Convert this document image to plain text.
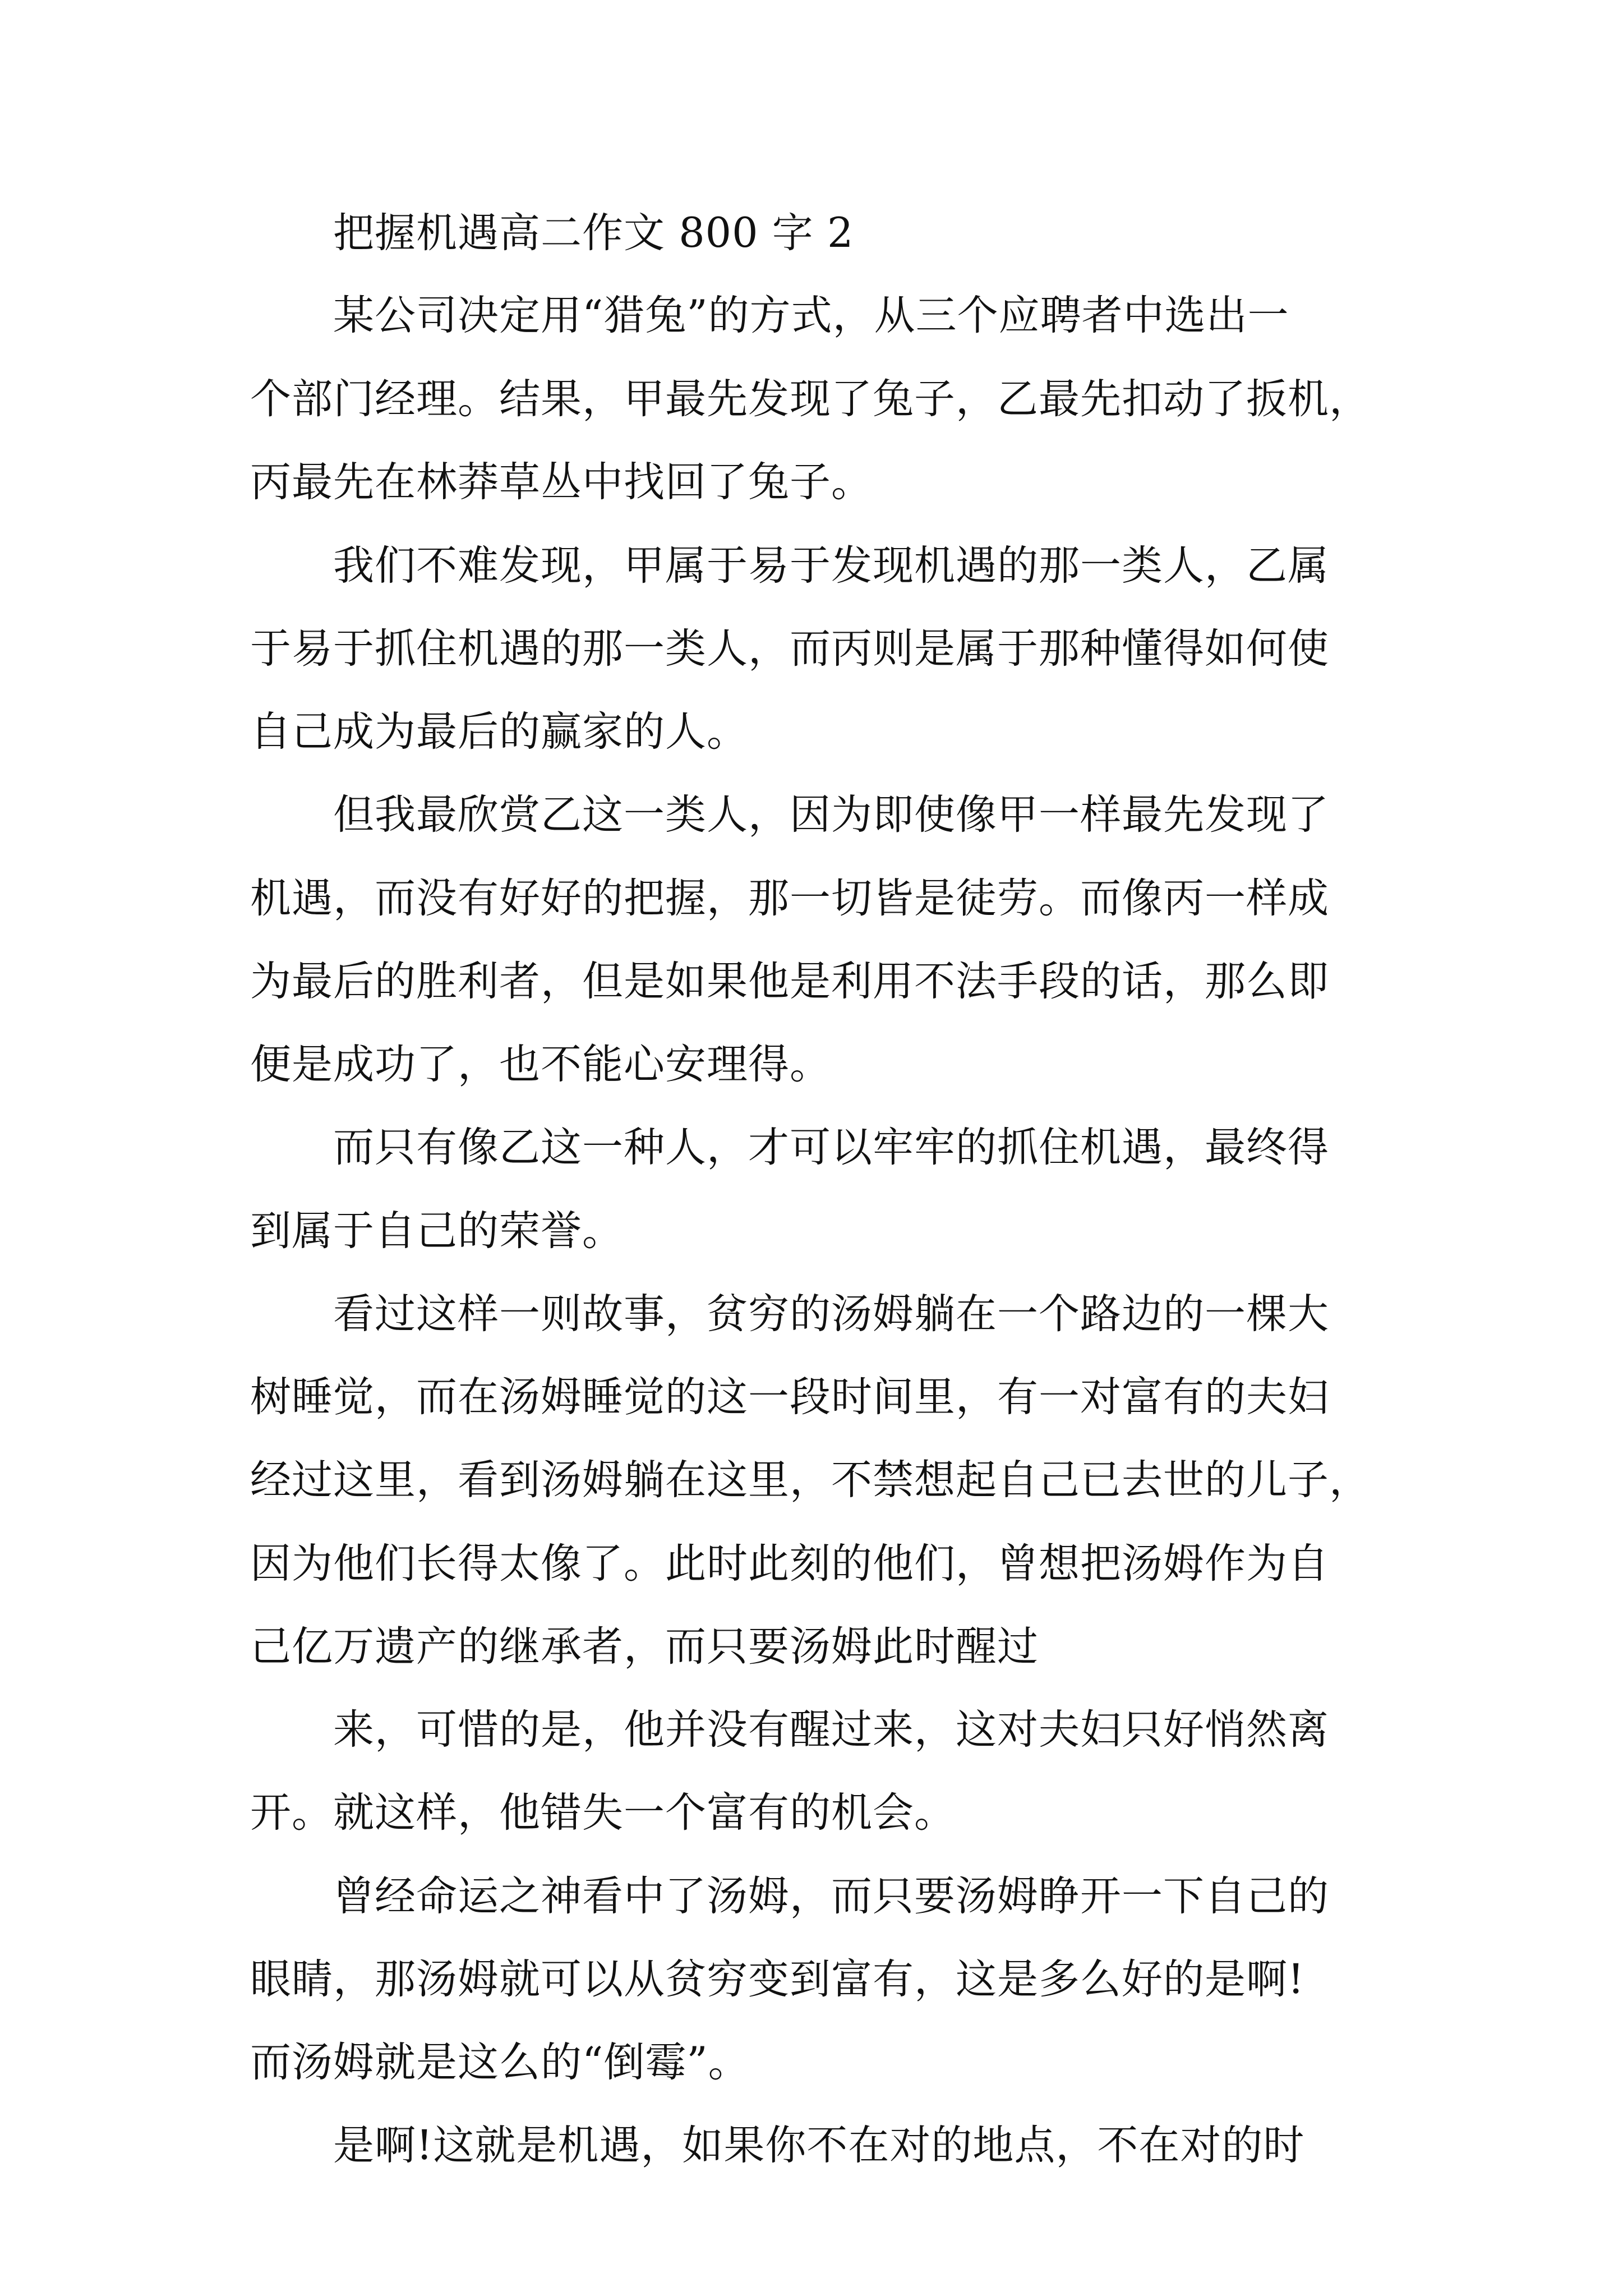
把握机遇高二作文 800 字 2
某公司决定用“猎兔”的方式，从三个应聘者中选出一
个部门经理。结果，甲最先发现了兔子，乙最先扣动了扳机，
丙最先在林莽草丛中找回了兔子。
我们不难发现，甲属于易于发现机遇的那一类人，乙属
于易于抓住机遇的那一类人，而丙则是属于那种懂得如何使
自己成为最后的赢家的人。
但我最欣赏乙这一类人，因为即使像甲一样最先发现了
机遇，而没有好好的把握，那一切皆是徒劳。而像丙一样成
为最后的胜利者，但是如果他是利用不法手段的话，那么即
便是成功了，也不能心安理得。
而只有像乙这一种人，才可以牢牢的抓住机遇，最终得
到属于自己的荣誉。
看过这样一则故事，贫穷的汤姆躺在一个路边的一棵大
树睡觉，而在汤姆睡觉的这一段时间里，有一对富有的夫妇
经过这里，看到汤姆躺在这里，不禁想起自己已去世的儿子，
因为他们长得太像了。此时此刻的他们，曾想把汤姆作为自
己亿万遗产的继承者，而只要汤姆此时醒过
来，可惜的是，他并没有醒过来，这对夫妇只好悄然离
开。就这样，他错失一个富有的机会。
曾经命运之神看中了汤姆，而只要汤姆睁开一下自己的
眼睛，那汤姆就可以从贫穷变到富有，这是多么好的是啊!
而汤姆就是这么的“倒霉”。
是啊!这就是机遇，如果你不在对的地点，不在对的时
